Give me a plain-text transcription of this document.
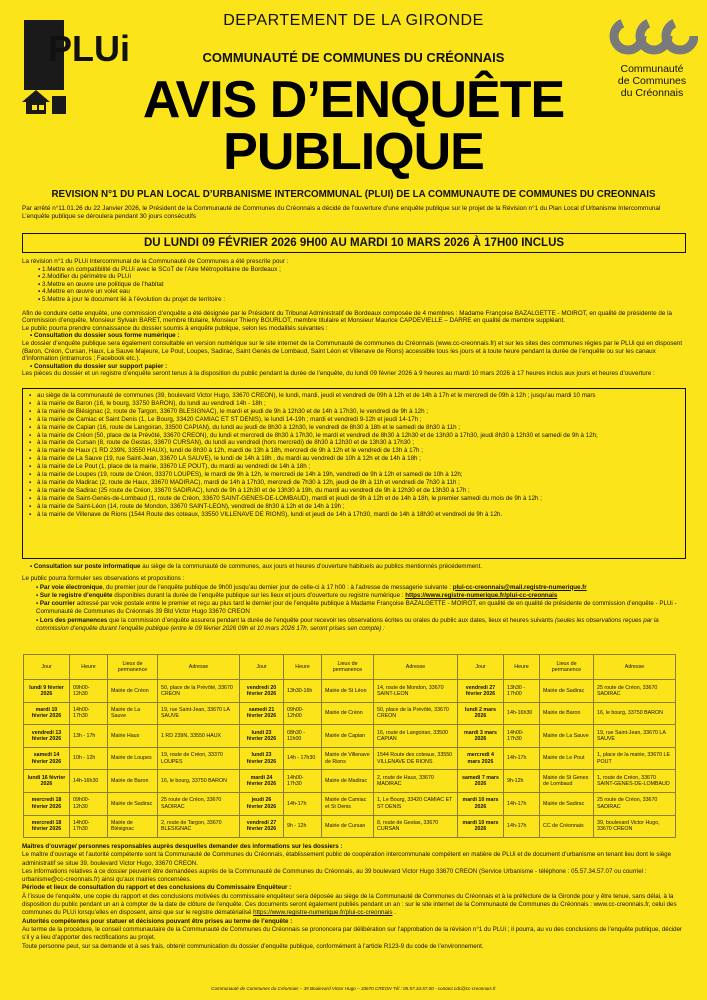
PLUi	Communauté
de Communes
du Créonnais
DEPARTEMENT DE LA GIRONDE
COMMUNAUTÉ DE COMMUNES DU CRÉONNAIS
AVIS D’ENQUÊTE
PUBLIQUE
REVISION N°1 DU PLAN LOCAL D’URBANISME INTERCOMMUNAL (PLUI) DE LA COMMUNAUTE DE COMMUNES DU CREONNAIS
Par arrêté n°11.01.26 du 22 Janvier 2026, le Président de la Communauté de Communes du Créonnais a décidé de l’ouverture d’une enquête publique sur le projet de la Révision n°1 du Plan Local d’Urbanisme Intercommunal
L’enquête publique se déroulera pendant 30 jours consécutifs
DU LUNDI 09 FÉVRIER 2026 9H00 AU MARDI 10 MARS 2026 À 17H00 INCLUS
La révision n°1 du PLUi Intercommunal de la Communauté de Communes a été prescrite pour :
▪ 1.Mettre en compatibilité du PLUi avec le SCoT de l’Aire Métropolitaine de Bordeaux ;
▪ 2.Modifier du périmètre du PLUi
▪ 3.Mettre en œuvre une politique de l’habitat
▪ 4.Mettre en œuvre un volet eau
▪ 5.Mettre à jour le document lié à l’évolution du projet de territoire :
Afin de conduire cette enquête, une commission d’enquête a été désignée par le Président du Tribunal Administratif de Bordeaux composée de 4 membres : Madame Françoise BAZALGETTE - MOIROT, en qualité de présidente de la Commission d’enquête, Monsieur Sylvain BARET, membre titulaire, Monsieur Thierry BOURLOT, membre titulaire et Monsieur Maurice CAPDEVIELLE – DARRE en qualité de membre suppléant.
Le public pourra prendre connaissance du dossier soumis à enquête publique, selon les modalités suivantes :
▪ Consultation du dossier sous forme numérique :
Le dossier d’enquête publique sera également consultable en version numérique sur le site internet de la Communauté de communes du Créonnais (www.cc-creonnais.fr) et sur les sites des communes régies par le PLUi qui en disposent (Baron, Créon, Cursan, Haux, La Sauve Majeure, Le Pout, Loupes, Sadirac, Saint Genès de Lombaud, Saint Léon et Villenave de Rions) accessible tous les jours et à toute heure pendant la durée de l’enquête ou sur les canaux d’information (intramuros ; Facebook etc.).
▪ Consultation du dossier sur support papier :
Les pièces du dossier et un registre d’enquête seront tenus à la disposition du public pendant la durée de l’enquête, du lundi 09 février 2026 à 9 heures au mardi 10 mars 2026 à 17 heures inclus aux jours et heures d’ouverture :
▪ au siège de la communauté de communes (39, boulevard Victor Hugo, 33670 CREON), le lundi, mardi, jeudi et vendredi de 09h à 12h et de 14h à 17h et le mercredi de 09h à 12h ; jusqu’au mardi 10 mars
▪ à la mairie de Baron (16, le bourg, 33750 BARON), du lundi au vendredi 14h - 18h ;
▪ à la mairie de Blésignac (2, route de Targon, 33670 BLESIGNAC), le mardi et jeudi de 9h à 12h30 et de 14h à 17h30, le vendredi de 9h à 12h ;
▪ à la mairie de Camiac et Saint Denis (1, Le Bourg, 33420 CAMIAC ET ST DENIS), le lundi 14-19h ; mardi et vendredi 9-12h et jeudi 14-17h ;
▪ à la mairie de Capian (16, route de Langoiran, 33500 CAPIAN), du lundi au jeudi de 8h30 à 12h30, le vendredi de 8h30 à 18h et le samedi de 8h30 à 11h ;
▪ à la mairie de Créon (50, place de la Prévôté, 33670 CREON), du lundi et mercredi de 8h30 à 17h30, le mardi et vendredi de 8h30 à 12h30 et de 13h30 à 17h30, jeudi 8h30 à 12h30 et samedi de 9h à 12h;
▪ à la mairie de Cursan (8, route de Gestas, 33670 CURSAN), du lundi au vendredi (hors mercredi) de 8h30 à 12h30 et de 13h30 à 17h30 ;
▪ à la mairie de Haux (1 RD 239N, 33550 HAUX), lundi de 8h30 à 12h, mardi de 13h à 18h, mercredi de 9h à 12h et le vendredi de 13h à 17h ;
▪ à la mairie de La Sauve (19, rue Saint-Jean, 33670 LA SAUVE), le lundi de 14h à 18h , du mardi au vendredi de 10h à 12h et de 14h à 18h ;
▪ à la mairie de Le Pout (1, place de la mairie, 33670 LE POUT), du mardi au vendredi de 14h à 18h ;
▪ à la mairie de Loupes (19, route de Créon, 33370 LOUPES), le mardi de 9h à 12h, le mercredi de 14h à 19h, vendredi de 9h à 12h et samedi de 10h à 12h;
▪ à la mairie de Madirac (2, route de Haux, 33670 MADIRAC), mardi de 14h à 17h30, mercredi de 7h30 à 12h, jeudi de 8h à 11h et vendredi de 7h30 à 11h ;
▪ à la mairie de Sadirac (25 route de Créon, 33670 SADIRAC), lundi de 9h à 12h30 et de 13h30 à 19h, du mardi au vendredi de 9h à 12h30 et de 13h30 à 17h ;
▪ à la mairie de Saint-Genès-de-Lombaud (1, route de Créon, 33670 SAINT-GENES-DE-LOMBAUD), mardi et jeudi de 9h à 12h et de 14h à 18h, le premier samedi du mois de 9h à 12h ;
▪ à la mairie de Saint-Léon (14, route de Mondon, 33670 SAINT-LEON), vendredi de 8h30 à 12h et de 14h à 19h ;
▪ à la mairie de Villenave de Rions (1544 Route des coteaux, 33550 VILLENAVE DE RIONS), lundi et jeudi de 14h à 17h30, mardi de 14h à 18h30 et vendredi de 9h à 12h.
▪ Consultation sur poste informatique au siège de la communauté de communes, aux jours et heures d’ouverture habituels au publics mentionnés précédemment.
Le public pourra formuler ses observations et propositions :
▪ Par voie électronique, du premier jour de l’enquête publique de 9h00 jusqu’au dernier jour de celle-ci à 17 h00 : à l’adresse de messagerie suivante : plui-cc-creonnais@mail.registre-numerique.fr
▪ Sur le registre d’enquête disponibles durant la durée de l’enquête publique sur les lieux et jours d’ouverture ou registre numérique : https://www.registre-numerique.fr/plui-cc-creonnais
▪ Par courrier adressé par voie postale entre le premier et reçu au plus tard le dernier jour de l’enquête publique à Madame Françoise BAZALGETTE - MOIROT, en qualité de en qualité de présidente de commission d’enquête - PLUi - Communauté de Communes du Créonnais 39 Bld Victor Hugo 33670 CREON
▪ Lors des permanences que la commission d’enquête assurera pendant la durée de l’enquête pour recevoir les observations écrites ou orales du public aux dates, lieux et heures suivants (seules les observations reçues par la commission d’enquête durant l’enquête publique (entre le 09 février 2026 09h et 10 mars 2026 17h, seront prises sen compte) :
Jour	Heure	Lieux de permanence	Adresse	Jour	Heure	Lieux de permanence	Adresse	Jour	Heure	Lieux de permanence	Adresse
lundi 9 février 2026	09h00-12h30	Mairie de Créon	50, place de la Prévôté, 33670 CREON	vendredi 20 février 2026	13h30-16h	Mairie de St Léon	14, route de Mondon, 33670 SAINT-LEON	vendredi 27 février 2026	13h30 - 17h00	Mairie de Sadirac	25 route de Créon, 33670 SADIRAC
mardi 10 février 2026	14h00-17h30	Mairie de La Sauve	19, rue Saint-Jean, 33670 LA SAUVE	samedi 21 février 2026	09h00-12h00	Mairie de Créon	50, place de la Prévôté, 33670 CREON	lundi 2 mars 2026	14h-16h30	Mairie de Baron	16, le bourg, 33750 BARON
vendredi 13 février 2026	13h - 17h	Mairie Haux	1 RD 239N, 33550 HAUX	lundi 23 février 2026	08h30 - 11h00	Mairie de Capian	16, route de Langoiran, 33500 CAPIAN	mardi 3 mars 2026	14h00-17h30	Mairie de La Sauve	19, rue Saint-Jean, 33670 LA SAUVE
samedi 14 février 2026	10h - 12h	Mairie de Loupes	19, route de Créon, 33370 LOUPES	lundi 23 février 2026	14h - 17h30	Mairie de Villenave de Rions	1544 Route des coteaux, 33550 VILLENAVE DE RIONS	mercredi 4 mars 2026	14h-17h	Mairie de Le Pout	1, place de la mairie, 33670 LE POUT
lundi 16 février 2026	14h-16h30	Mairie de Baron	16, le bourg, 33750 BARON	mardi 24 février 2026	14h00-17h30	Mairie de Madirac	2, route de Haux, 33670 MADIRAC	samedi 7 mars 2026	9h-12h	Mairie de St Genes de Lombaud	1, route de Créon, 33670 SAINT-GENES-DE-LOMBAUD
mercredi 18 février 2026	09h00-12h30	Mairie de Sadirac	25 route de Créon, 33670 SADIRAC	jeudi 26 février 2026	14h-17h	Mairie de Camiac et St Denis	1, Le Bourg, 33420 CAMIAC ET ST DENIS	mardi 10 mars 2026	14h-17h	Mairie de Sadirac	25 route de Créon, 33670 SADIRAC
mercredi 18 février 2026	14h00-17h30	Mairie de Blésignac	2, route de Targon, 33670 BLESIGNAC	vendredi 27 février 2026	9h - 12h	Mairie de Cursan	8, route de Gestas, 33670 CURSAN	mardi 10 mars 2026	14h-17h	CC de Créonnais	39, boulevard Victor Hugo, 33670 CREON
Maîtres d’ouvrage/ personnes responsables auprès desquelles demander des informations sur les dossiers :
Le maître d’ouvrage et l’autorité compétente sont la Communauté de Communes du Créonnais, établissement public de coopération intercommunale compétent en matière de PLUi et de document d’urbanisme en tenant lieu dont le siège administratif se situe 39, boulevard Victor Hugo, 33670 CREON.
Les informations relatives à ce dossier peuvent être demandées auprès de la Communauté de Communes du Créonnais, au 39 boulevard Victor Hugo 33670 CREON (Service Urbanisme - téléphone : 05.57.34.57.07 ou courriel : urbanisme@cc-creonnais.fr) ainsi qu’aux mairies concernées.
Période et lieux de consultation du rapport et des conclusions du Commissaire Enquêteur :
À l’issue de l’enquête, une copie du rapport et des conclusions motivées du commissaire enquêteur sera déposée au siège de la Communauté de Communes du Créonnais et à la préfecture de la Gironde pour y être tenue, sans délai, à la disposition du public pendant un an à compter de la date de clôture de l’enquête. Ces documents seront également publiés pendant un an : sur le site internet de la Communauté de Communes du Créonnais : www.cc-creonnais.fr, celui des communes du PLUi lorsqu’elles en disposent, ainsi que sur le registre dématérialisé https://www.registre-numerique.fr/plui-cc-creonnais .
Autorités compétentes pour statuer et décisions pouvant être prises au terme de l’enquête :
Au terme de la procédure, le conseil communautaire de la Communauté de Communes du Créonnais se prononcera par délibération sur l’approbation de la révision n°1 du PLUi ; il pourra, au vu des conclusions de l’enquête publique, décider s’il y a lieu d’apporter des rectifications au projet.
Toute personne peut, sur sa demande et à ses frais, obtenir communication du dossier d’enquête publique, conformément à l’article R123-9 du code de l’environnement.
Communauté de Communes du Créonnais – 39 Boulevard Victor Hugo – 33670 CRÉON Tél : 05.57.34.57.00 - contact.cdc@cc-creonnais.fr
